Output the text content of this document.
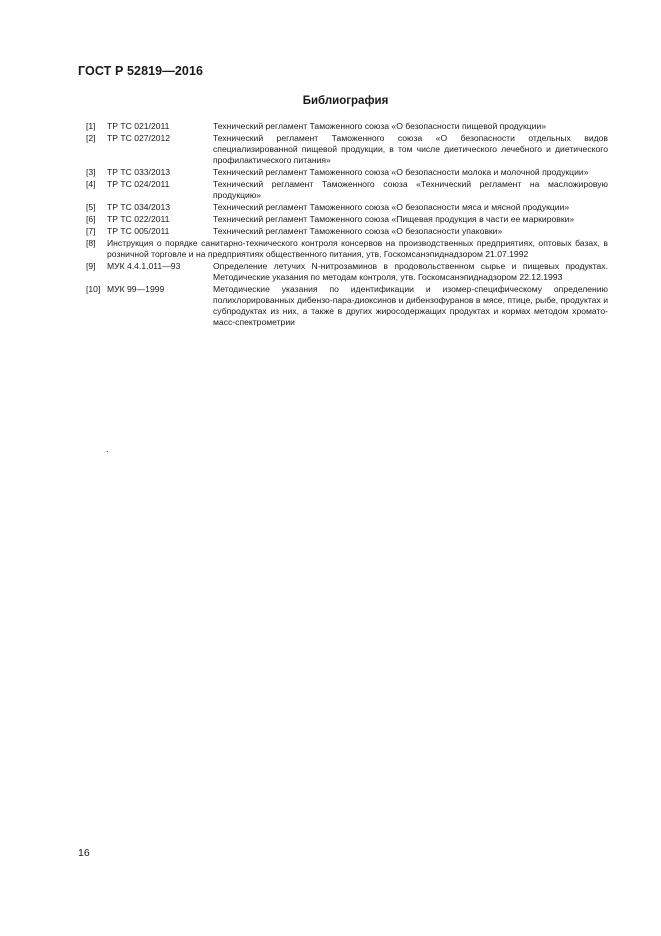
ГОСТ Р 52819—2016
Библиография
[1]	ТР ТС 021/2011	Технический регламент Таможенного союза «О безопасности пищевой продукции»
[2]	ТР ТС 027/2012	Технический регламент Таможенного союза «О безопасности отдельных видов специализированной пищевой продукции, в том числе диетического лечебного и диетического профилактического питания»
[3]	ТР ТС 033/2013	Технический регламент Таможенного союза «О безопасности молока и молочной продукции»
[4]	ТР ТС 024/2011	Технический регламент Таможенного союза «Технический регламент на масложировую продукцию»
[5]	ТР ТС 034/2013	Технический регламент Таможенного союза «О безопасности мяса и мясной продукции»
[6]	ТР ТС 022/2011	Технический регламент Таможенного союза «Пищевая продукция в части ее маркировки»
[7]	ТР ТС 005/2011	Технический регламент Таможенного союза «О безопасности упаковки»
[8]	Инструкция о порядке санитарно-технического контроля консервов на производственных предприятиях, оптовых базах, в розничной торговле и на предприятиях общественного питания, утв. Госкомсанэпиднадзором 21.07.1992
[9]	МУК 4.4.1.011—93	Определение летучих N-нитрозаминов в продовольственном сырье и пищевых продуктах. Методические указания по методам контроля, утв. Госкомсанэпиднадзором 22.12.1993
[10] МУК 99—1999	Методические указания по идентификации и изомер-специфическому определению полихлорированных дибензо-пара-диоксинов и дибензофуранов в мясе, птице, рыбе, продуктах и субпродуктах из них, а также в других жиросодержащих продуктах и кормах методом хромато-масс-спектрометрии
.
16
